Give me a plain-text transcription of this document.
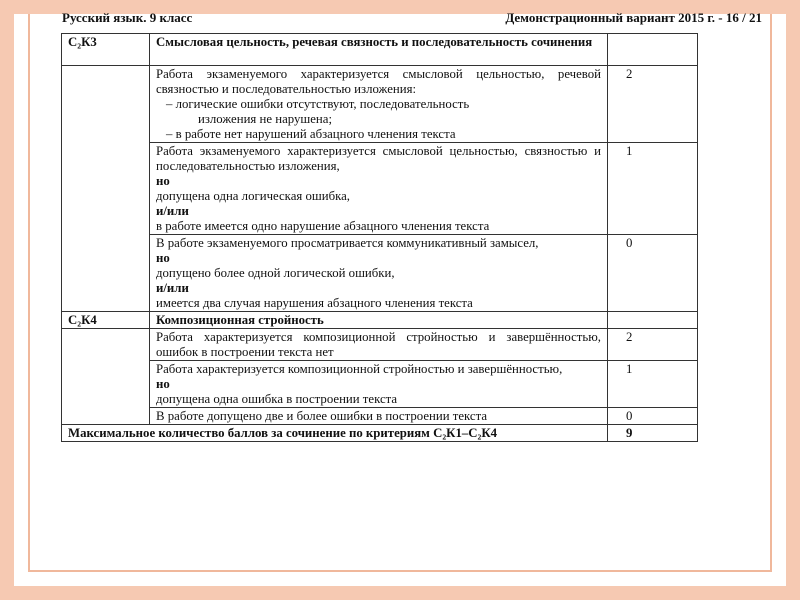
Русский язык. 9 класс	Демонстрационный вариант 2015 г. - 16 / 21
С₂К3	Смысловая цельность, речевая связность и последовательность сочинения	

	Работа экзаменуемого характеризуется смысловой цельностью, речевой связностью и последовательностью изложения:
– логические ошибки отсутствуют, последовательность
изложения не нарушена;
– в работе нет нарушений абзацного членения текста	2

	Работа экзаменуемого характеризуется смысловой цельностью, связностью и последовательностью изложения,
но
допущена одна логическая ошибка,
и/или
в работе имеется одно нарушение абзацного членения текста	1

	В работе экзаменуемого просматривается коммуникативный замысел,
но
допущено более одной логической ошибки,
и/или
имеется два случая нарушения абзацного членения текста	0
С₂К4	Композиционная стройность	
	Работа характеризуется композиционной стройностью и завершённостью, ошибок в построении текста нет	2

	Работа характеризуется композиционной стройностью и завершённостью,
но
допущена одна ошибка в построении текста	1
	В работе допущено две и более ошибки в построении текста	0
Максимальное количество баллов за сочинение по критериям С₂К1–С₂К4		9
